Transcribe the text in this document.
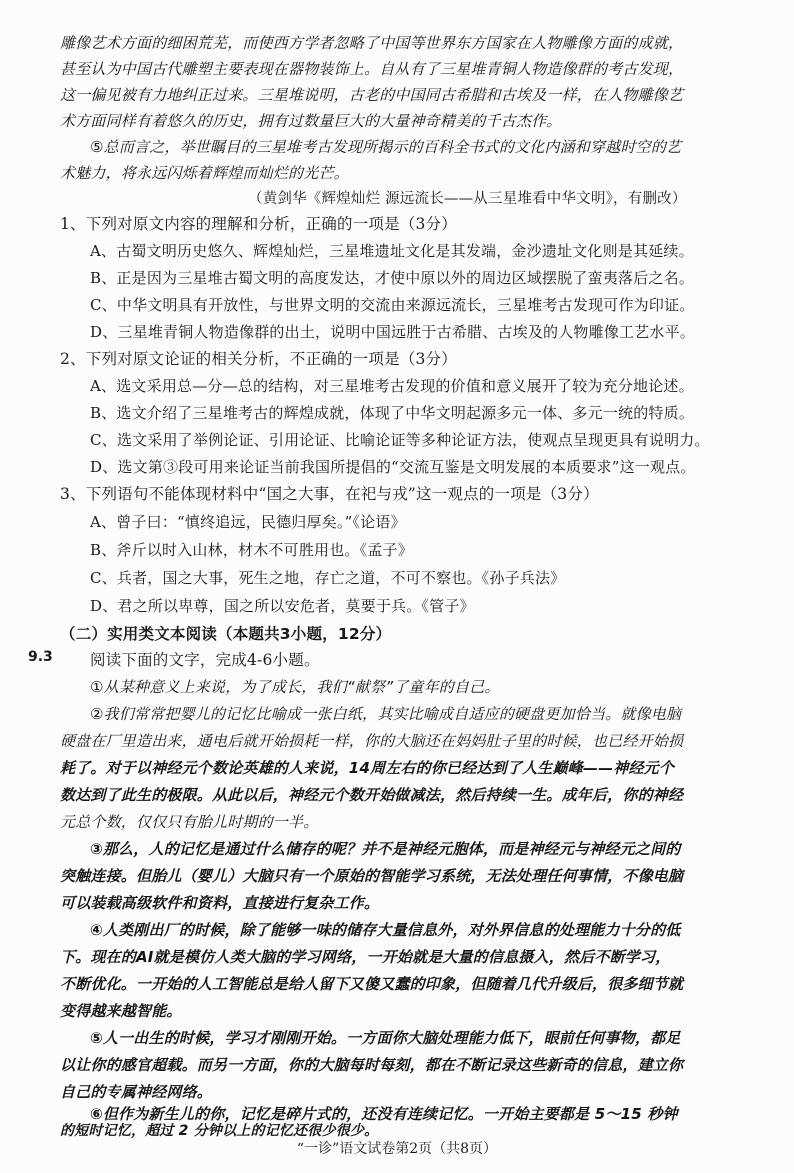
雕像艺术方面的细困荒芜，而使西方学者忽略了中国等世界东方国家在人物雕像方面的成就，
甚至认为中国古代雕塑主要表现在器物装饰上。自从有了三星堆青铜人物造像群的考古发现，
这一偏见被有力地纠正过来。三星堆说明，古老的中国同古希腊和古埃及一样，在人物雕像艺
术方面同样有着悠久的历史，拥有过数量巨大的大量神奇精美的千古杰作。
⑤总而言之，举世瞩目的三星堆考古发现所揭示的百科全书式的文化内涵和穿越时空的艺
术魅力，将永远闪烁着辉煌而灿烂的光芒。
（黄剑华《辉煌灿烂 源远流长——从三星堆看中华文明》，有删改）
1、下列对原文内容的理解和分析，正确的一项是（3分）
A、古蜀文明历史悠久、辉煌灿烂，三星堆遗址文化是其发端，金沙遗址文化则是其延续。
B、正是因为三星堆古蜀文明的高度发达，才使中原以外的周边区域摆脱了蛮夷落后之名。
C、中华文明具有开放性，与世界文明的交流由来源远流长，三星堆考古发现可作为印证。
D、三星堆青铜人物造像群的出土，说明中国远胜于古希腊、古埃及的人物雕像工艺水平。
2、下列对原文论证的相关分析，不正确的一项是（3分）
A、选文采用总—分—总的结构，对三星堆考古发现的价值和意义展开了较为充分地论述。
B、选文介绍了三星堆考古的辉煌成就，体现了中华文明起源多元一体、多元一统的特质。
C、选文采用了举例论证、引用论证、比喻论证等多种论证方法，使观点呈现更具有说明力。
D、选文第③段可用来论证当前我国所提倡的“交流互鉴是文明发展的本质要求”这一观点。
3、下列语句不能体现材料中“国之大事，在祀与戎”这一观点的一项是（3分）
A、曾子曰：“慎终追远，民德归厚矣。”《论语》
B、斧斤以时入山林，材木不可胜用也。《孟子》
C、兵者，国之大事，死生之地，存亡之道，不可不察也。《孙子兵法》
D、君之所以卑尊，国之所以安危者，莫要于兵。《管子》
（二）实用类文本阅读（本题共3小题，12分）
9.3 阅读下面的文字，完成4-6小题。
①从某种意义上来说，为了成长，我们“献祭”了童年的自己。
②我们常常把婴儿的记忆比喻成一张白纸，其实比喻成自适应的硬盘更加恰当。就像电脑
硬盘在厂里造出来，通电后就开始损耗一样，你的大脑还在妈妈肚子里的时候，也已经开始损
耗了。对于以神经元个数论英雄的人来说，14周左右的你已经达到了人生巅峰——神经元个
数达到了此生的极限。从此以后，神经元个数开始做减法，然后持续一生。成年后，你的神经
元总个数，仅仅只有胎儿时期的一半。
③那么，人的记忆是通过什么储存的呢？并不是神经元胞体，而是神经元与神经元之间的
突触连接。但胎儿（婴儿）大脑只有一个原始的智能学习系统，无法处理任何事情，不像电脑
可以装载高级软件和资料，直接进行复杂工作。
④人类刚出厂的时候，除了能够一味的储存大量信息外，对外界信息的处理能力十分的低
下。现在的AI就是模仿人类大脑的学习网络，一开始就是大量的信息摄入，然后不断学习，
不断优化。一开始的人工智能总是给人留下又傻又蠢的印象，但随着几代升级后，很多细节就
变得越来越智能。
⑤人一出生的时候，学习才刚刚开始。一方面你大脑处理能力低下，眼前任何事物，都足
以让你的感官超载。而另一方面，你的大脑每时每刻，都在不断记录这些新奇的信息，建立你
自己的专属神经网络。
⑥但作为新生儿的你，记忆是碎片式的，还没有连续记忆。一开始主要都是 5～15 秒钟
的短时记忆，超过 2 分钟以上的记忆还很少很少。
“一诊”语文试卷第2页（共8页）
